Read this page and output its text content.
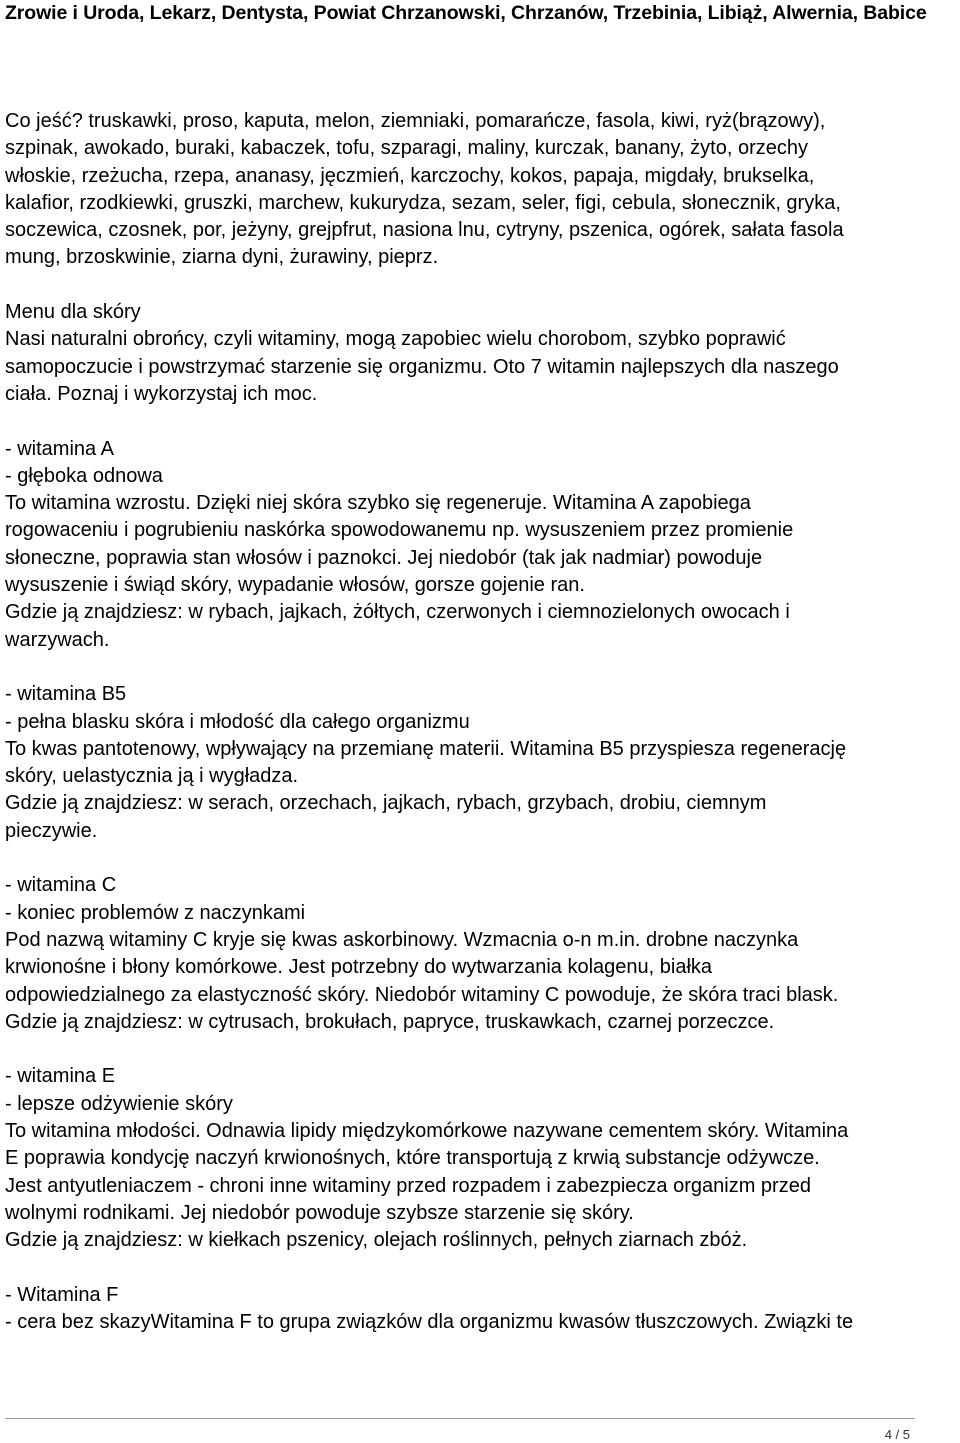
Zrowie i Uroda, Lekarz, Dentysta, Powiat Chrzanowski, Chrzanów, Trzebinia, Libiąż, Alwernia, Babice
Co jeść? truskawki, proso, kaputa, melon, ziemniaki, pomarańcze, fasola, kiwi, ryż(brązowy),
szpinak, awokado, buraki, kabaczek, tofu, szparagi, maliny, kurczak, banany, żyto, orzechy
włoskie, rzeżucha, rzepa, ananasy, jęczmień, karczochy, kokos, papaja, migdały, brukselka,
kalafior, rzodkiewki, gruszki, marchew, kukurydza, sezam, seler, figi, cebula, słonecznik, gryka,
soczewica, czosnek, por, jeżyny, grejpfrut, nasiona lnu, cytryny, pszenica, ogórek, sałata fasola
mung, brzoskwinie, ziarna dyni, żurawiny, pieprz.
Menu dla skóry
Nasi naturalni obrońcy, czyli witaminy, mogą zapobiec wielu chorobom, szybko poprawić
samopoczucie i powstrzymać starzenie się organizmu. Oto 7 witamin najlepszych dla naszego
ciała. Poznaj i wykorzystaj ich moc.
- witamina A
- głęboka odnowa
To witamina wzrostu. Dzięki niej skóra szybko się regeneruje. Witamina A zapobiega
rogowaceniu i pogrubieniu naskórka spowodowanemu np. wysuszeniem przez promienie
słoneczne, poprawia stan włosów i paznokci. Jej niedobór (tak jak nadmiar) powoduje
wysuszenie i świąd skóry, wypadanie włosów, gorsze gojenie ran.
Gdzie ją znajdziesz: w rybach, jajkach, żółtych, czerwonych i ciemnozielonych owocach i
warzywach.
- witamina B5
- pełna blasku skóra i młodość dla całego organizmu
To kwas pantotenowy, wpływający na przemianę materii. Witamina B5 przyspiesza regenerację
skóry, uelastycznia ją i wygładza.
Gdzie ją znajdziesz: w serach, orzechach, jajkach, rybach, grzybach, drobiu, ciemnym
pieczywie.
- witamina C
- koniec problemów z naczynkami
Pod nazwą witaminy C kryje się kwas askorbinowy. Wzmacnia o-n m.in. drobne naczynka
krwionośne i błony komórkowe. Jest potrzebny do wytwarzania kolagenu, białka
odpowiedzialnego za elastyczność skóry. Niedobór witaminy C powoduje, że skóra traci blask.
Gdzie ją znajdziesz: w cytrusach, brokułach, papryce, truskawkach, czarnej porzeczce.
- witamina E
- lepsze odżywienie skóry
To witamina młodości. Odnawia lipidy międzykomórkowe nazywane cementem skóry. Witamina
E poprawia kondycję naczyń krwionośnych, które transportują z krwią substancje odżywcze.
Jest antyutleniaczem - chroni inne witaminy przed rozpadem i zabezpiecza organizm przed
wolnymi rodnikami. Jej niedobór powoduje szybsze starzenie się skóry.
Gdzie ją znajdziesz: w kiełkach pszenicy, olejach roślinnych, pełnych ziarnach zbóż.
- Witamina F
- cera bez skazyWitamina F to grupa związków dla organizmu kwasów tłuszczowych. Związki te
4 / 5
